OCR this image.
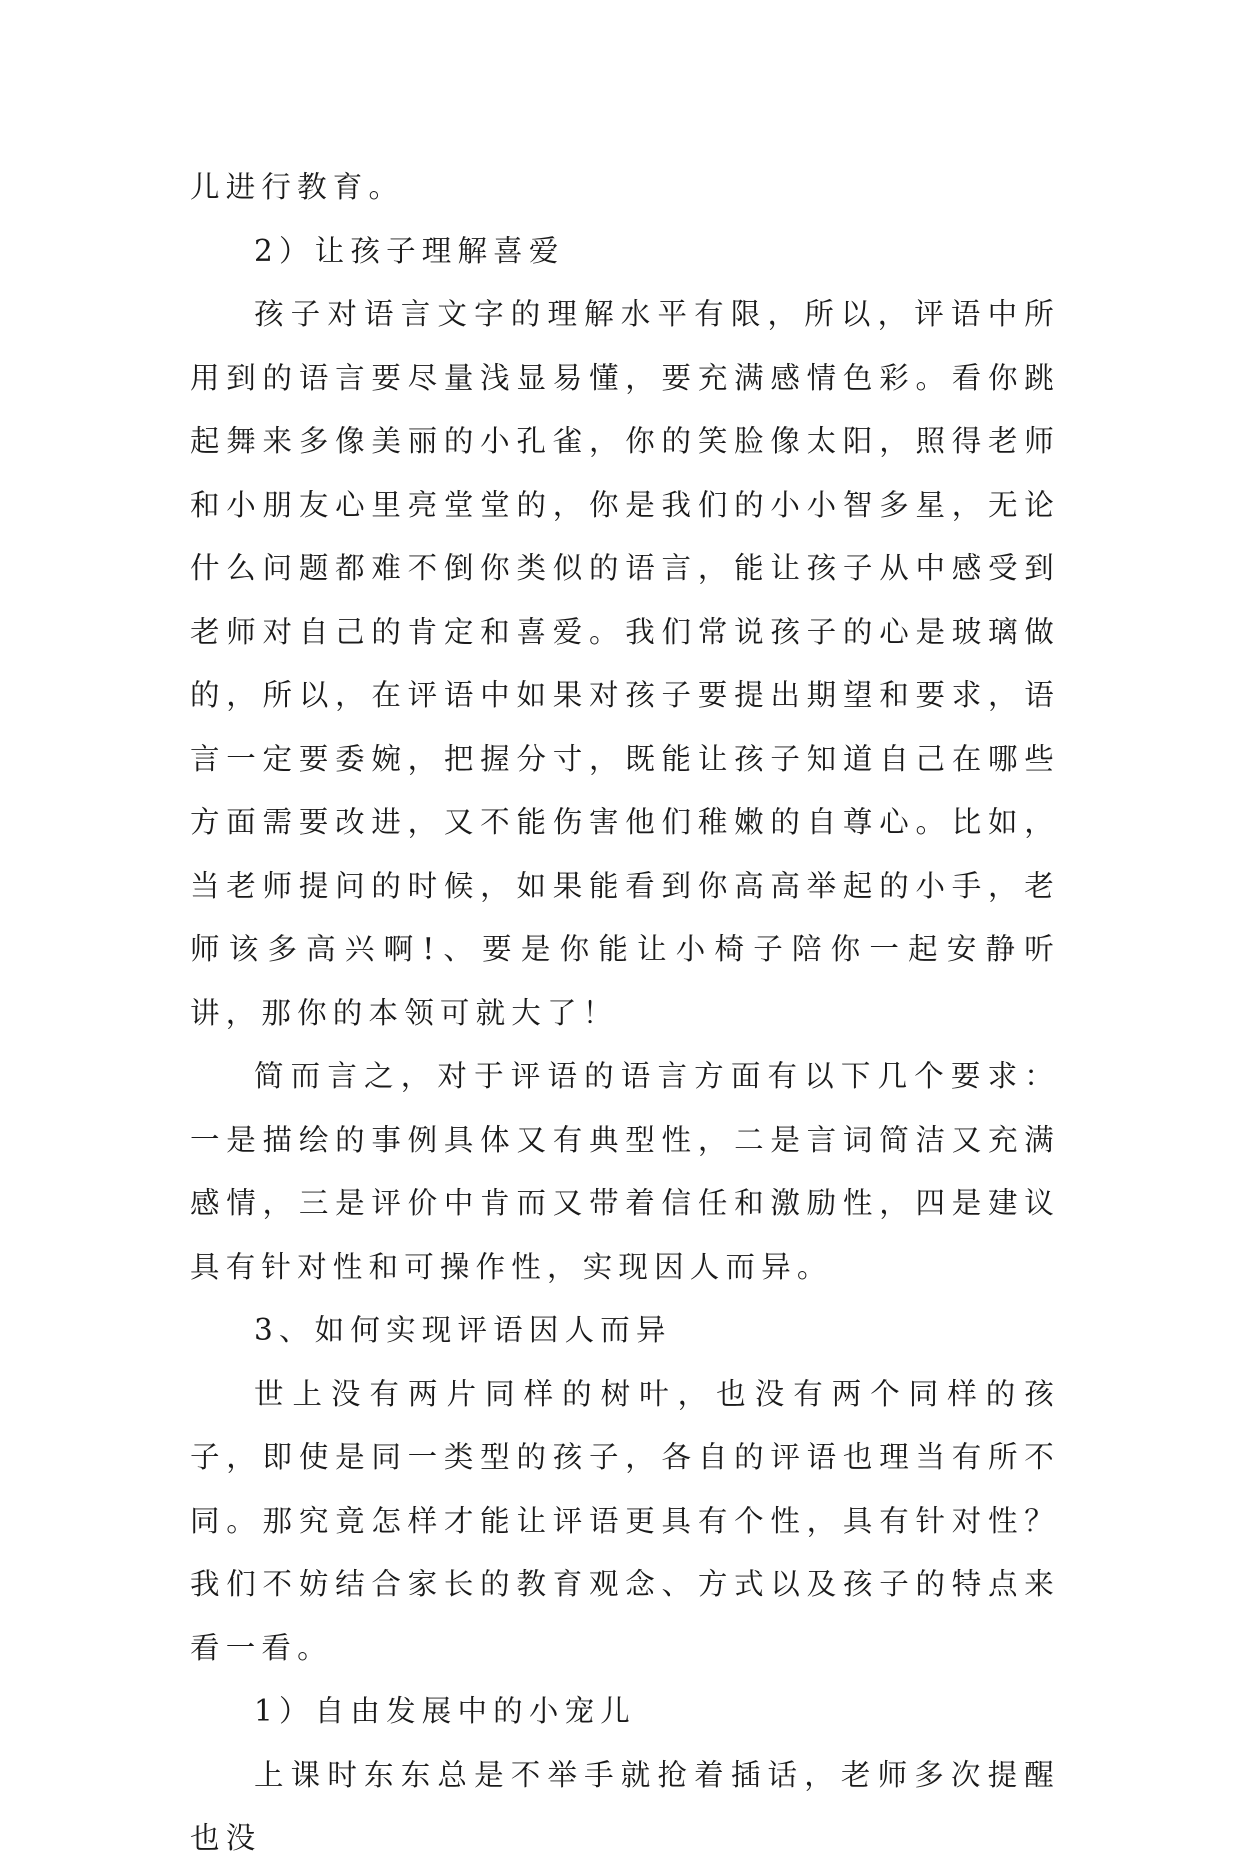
儿进行教育。

2）让孩子理解喜爱

孩子对语言文字的理解水平有限，所以，评语中所用到的语言要尽量浅显易懂，要充满感情色彩。看你跳起舞来多像美丽的小孔雀，你的笑脸像太阳，照得老师和小朋友心里亮堂堂的，你是我们的小小智多星，无论什么问题都难不倒你类似的语言，能让孩子从中感受到老师对自己的肯定和喜爱。我们常说孩子的心是玻璃做的，所以，在评语中如果对孩子要提出期望和要求，语言一定要委婉，把握分寸，既能让孩子知道自己在哪些方面需要改进，又不能伤害他们稚嫩的自尊心。比如，当老师提问的时候，如果能看到你高高举起的小手，老师该多高兴啊!、要是你能让小椅子陪你一起安静听讲，那你的本领可就大了！

简而言之，对于评语的语言方面有以下几个要求：一是描绘的事例具体又有典型性，二是言词简洁又充满感情，三是评价中肯而又带着信任和激励性，四是建议具有针对性和可操作性，实现因人而异。

3、如何实现评语因人而异

世上没有两片同样的树叶，也没有两个同样的孩子，即使是同一类型的孩子，各自的评语也理当有所不同。那究竟怎样才能让评语更具有个性，具有针对性？我们不妨结合家长的教育观念、方式以及孩子的特点来看一看。

1）自由发展中的小宠儿

上课时东东总是不举手就抢着插话，老师多次提醒也没
